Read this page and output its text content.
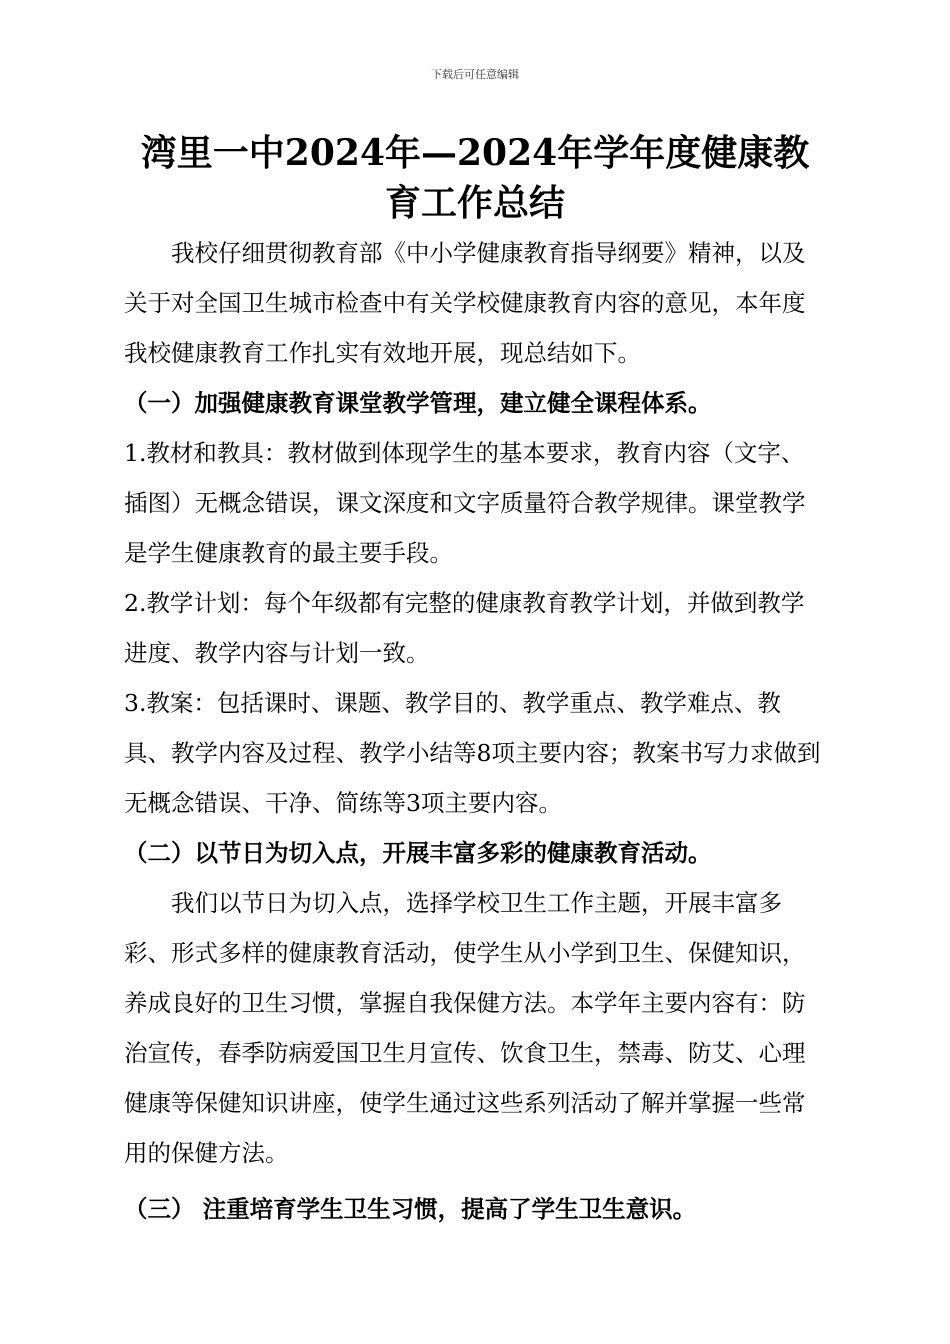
下载后可任意编辑
湾里一中2024年—2024年学年度健康教育工作总结

我校仔细贯彻教育部《中小学健康教育指导纲要》精神，以及关于对全国卫生城市检查中有关学校健康教育内容的意见，本年度我校健康教育工作扎实有效地开展，现总结如下。

（一）加强健康教育课堂教学管理，建立健全课程体系。

1.教材和教具：教材做到体现学生的基本要求，教育内容（文字、插图）无概念错误，课文深度和文字质量符合教学规律。课堂教学是学生健康教育的最主要手段。

2.教学计划：每个年级都有完整的健康教育教学计划，并做到教学进度、教学内容与计划一致。

3.教案：包括课时、课题、教学目的、教学重点、教学难点、教具、教学内容及过程、教学小结等8项主要内容；教案书写力求做到无概念错误、干净、简练等3项主要内容。

（二）以节日为切入点，开展丰富多彩的健康教育活动。

我们以节日为切入点，选择学校卫生工作主题，开展丰富多彩、形式多样的健康教育活动，使学生从小学到卫生、保健知识，养成良好的卫生习惯，掌握自我保健方法。本学年主要内容有：防治宣传，春季防病爱国卫生月宣传、饮食卫生，禁毒、防艾、心理健康等保健知识讲座，使学生通过这些系列活动了解并掌握一些常用的保健方法。

（三） 注重培育学生卫生习惯，提高了学生卫生意识。
